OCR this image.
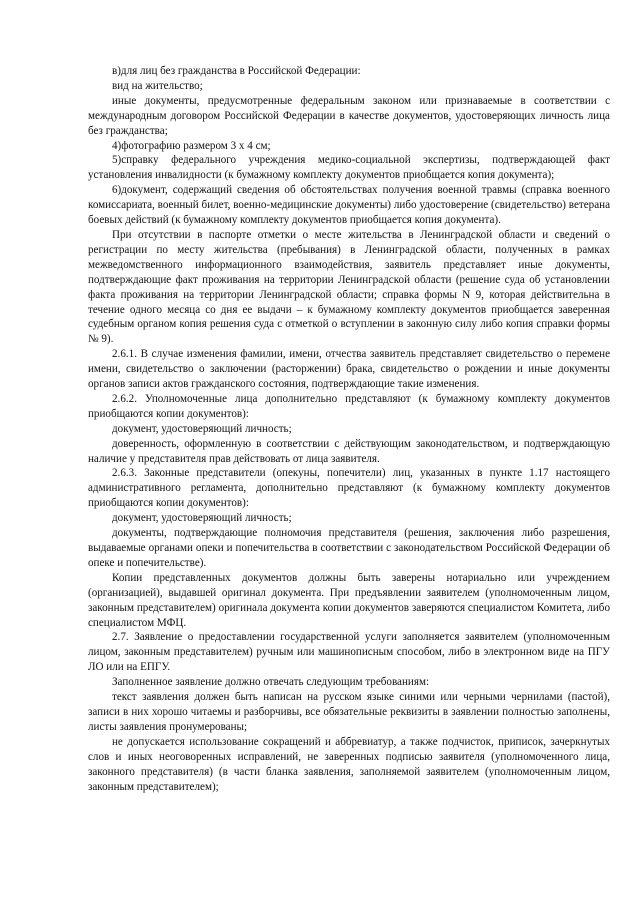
в)для лиц без гражданства в Российской Федерации:

вид на жительство;

иные документы, предусмотренные федеральным законом или признаваемые в соответствии с международным договором Российской Федерации в качестве документов, удостоверяющих личность лица без гражданства;

4)фотографию размером 3 х 4 см;

5)справку федерального учреждения медико-социальной экспертизы, подтверждающей факт установления инвалидности (к бумажному комплекту документов приобщается копия документа);

6)документ, содержащий сведения об обстоятельствах получения военной травмы (справка военного комиссариата, военный билет, военно-медицинские документы) либо удостоверение (свидетельство) ветерана боевых действий (к бумажному комплекту документов приобщается копия документа).

При отсутствии в паспорте отметки о месте жительства в Ленинградской области и сведений о регистрации по месту жительства (пребывания) в Ленинградской области, полученных в рамках межведомственного информационного взаимодействия, заявитель представляет иные документы, подтверждающие факт проживания на территории Ленинградской области (решение суда об установлении факта проживания на территории Ленинградской области; справка формы N 9, которая действительна в течение одного месяца со дня ее выдачи – к бумажному комплекту документов приобщается заверенная судебным органом копия решения суда с отметкой о вступлении в законную силу либо копия справки формы № 9).

2.6.1. В случае изменения фамилии, имени, отчества заявитель представляет свидетельство о перемене имени, свидетельство о заключении (расторжении) брака, свидетельство о рождении и иные документы органов записи актов гражданского состояния, подтверждающие такие изменения.

2.6.2. Уполномоченные лица дополнительно представляют (к бумажному комплекту документов приобщаются копии документов):

документ, удостоверяющий личность;

доверенность, оформленную в соответствии с действующим законодательством, и подтверждающую наличие у представителя прав действовать от лица заявителя.

2.6.3. Законные представители (опекуны, попечители) лиц, указанных в пункте 1.17 настоящего административного регламента, дополнительно представляют (к бумажному комплекту документов приобщаются копии документов):

документ, удостоверяющий личность;

документы, подтверждающие полномочия представителя (решения, заключения либо разрешения, выдаваемые органами опеки и попечительства в соответствии с законодательством Российской Федерации об опеке и попечительстве).

Копии представленных документов должны быть заверены нотариально или учреждением (организацией), выдавшей оригинал документа. При предъявлении заявителем (уполномоченным лицом, законным представителем) оригинала документа копии документов заверяются специалистом Комитета, либо специалистом МФЦ.

2.7. Заявление о предоставлении государственной услуги заполняется заявителем (уполномоченным лицом, законным представителем) ручным или машинописным способом, либо в электронном виде на ПГУ ЛО или на ЕПГУ.

Заполненное заявление должно отвечать следующим требованиям:

текст заявления должен быть написан на русском языке синими или черными чернилами (пастой), записи в них хорошо читаемы и разборчивы, все обязательные реквизиты в заявлении полностью заполнены, листы заявления пронумерованы;

не допускается использование сокращений и аббревиатур, а также подчисток, приписок, зачеркнутых слов и иных неоговоренных исправлений, не заверенных подписью заявителя (уполномоченного лица, законного представителя) (в части бланка заявления, заполняемой заявителем (уполномоченным лицом, законным представителем);
